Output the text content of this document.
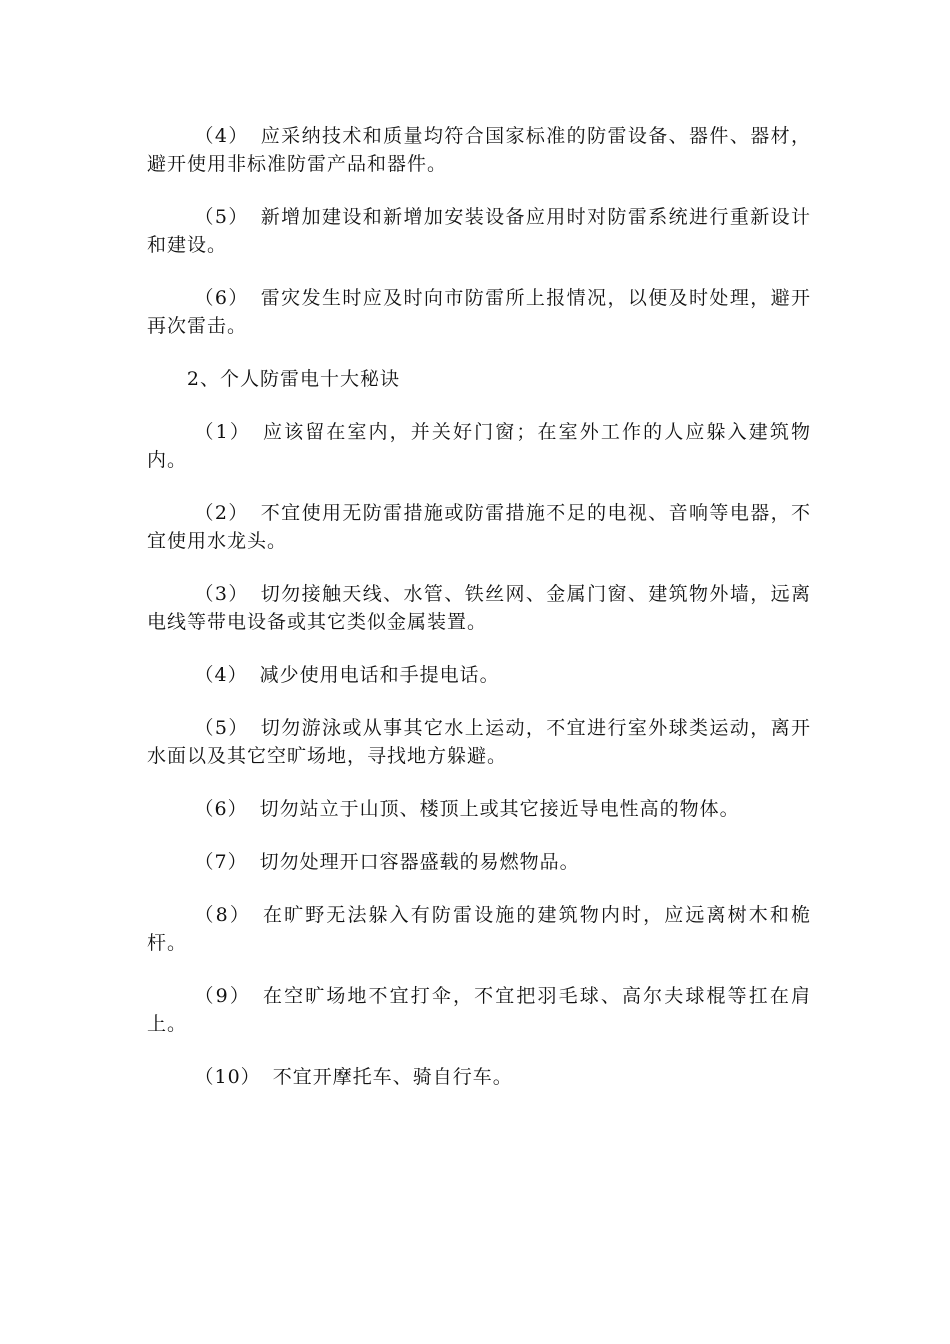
（4） 应采纳技术和质量均符合国家标准的防雷设备、器件、器材，避开使用非标准防雷产品和器件。

（5） 新增加建设和新增加安装设备应用时对防雷系统进行重新设计和建设。

（6） 雷灾发生时应及时向市防雷所上报情况，以便及时处理，避开再次雷击。

2、个人防雷电十大秘诀

（1） 应该留在室内，并关好门窗；在室外工作的人应躲入建筑物内。

（2） 不宜使用无防雷措施或防雷措施不足的电视、音响等电器，不宜使用水龙头。

（3） 切勿接触天线、水管、铁丝网、金属门窗、建筑物外墙，远离电线等带电设备或其它类似金属装置。

（4） 减少使用电话和手提电话。

（5） 切勿游泳或从事其它水上运动，不宜进行室外球类运动，离开水面以及其它空旷场地，寻找地方躲避。

（6） 切勿站立于山顶、楼顶上或其它接近导电性高的物体。

（7） 切勿处理开口容器盛载的易燃物品。

（8） 在旷野无法躲入有防雷设施的建筑物内时，应远离树木和桅杆。

（9） 在空旷场地不宜打伞，不宜把羽毛球、高尔夫球棍等扛在肩上。

（10） 不宜开摩托车、骑自行车。
